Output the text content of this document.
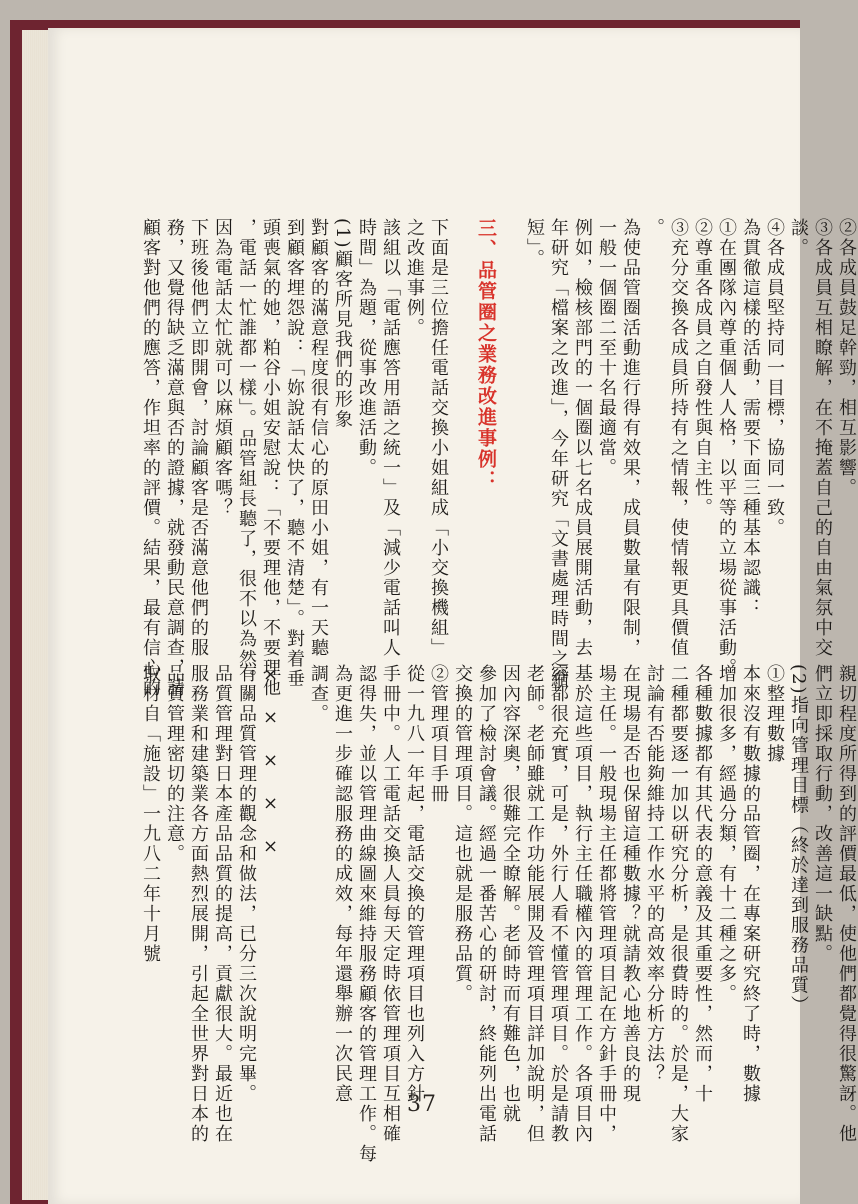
②各成員鼓足幹勁，相互影響。
③各成員互相瞭解，在不掩蓋自己的自由氣氛中交
談。
④各成員堅持同一目標，協同一致。
為貫徹這樣的活動，需要下面三種基本認識：
①在團隊內尊重個人人格，以平等的立場從事活動。
②尊重各成員之自發性與自主性。
③充分交換各成員所持有之情報，使情報更具價值
。
為使品管圈活動進行得有效果，成員數量有限制，
一般一個圈二至十名最適當。
例如，檢核部門的一個圈以七名成員展開活動，去
年研究「檔案之改進」，今年研究「文書處理時間之縮
短」。
三、品管圈之業務改進事例：
下面是三位擔任電話交換小姐組成「小交換機組」
之改進事例。
該組以「電話應答用語之統一」及「減少電話叫人
時間」為題，從事改進活動。
(1)顧客所見我們的形象
對顧客的滿意程度很有信心的原田小姐，有一天聽
到顧客埋怨說：「妳說話太快了，聽不清楚」。對着垂
頭喪氣的她，粕谷小姐安慰說：「不要理他，不要理他
，電話一忙誰都一樣」。品管組長聽了，很不以為然。
因為電話太忙就可以麻煩顧客嗎？
下班後他們立即開會，討論顧客是否滿意他們的服
務，又覺得缺乏滿意與否的證據，就發動民意調查，請
顧客對他們的應答，作坦率的評價。結果，最有信心的
親切程度所得到的評價最低，使他們都覺得很驚訝。他
們立即採取行動，改善這一缺點。
(2)指向管理目標（終於達到服務品質）
①整理數據
本來沒有數據的品管圈，在專案研究終了時，數據
增加很多，經過分類，有十二種之多。
各種數據都有其代表的意義及其重要性，然而，十
二種都要逐一加以研究分析，是很費時的。於是，大家
討論有否能夠維持工作水平的高效率分析方法？
在現場是否也保留這種數據？就請教心地善良的現
場主任。一般現場主任都將管理項目記在方針手冊中，
基於這些項目，執行主任職權內的管理工作。各項目內
容都很充實，可是，外行人看不懂管理項目。於是請教
老師。老師雖就工作功能展開及管理項目詳加說明，但
因內容深奧，很難完全瞭解。老師時而有難色，也就
參加了檢討會議。經過一番苦心的研討，終能列出電話
交換的管理項目。這也就是服務品質。
②管理項目手冊
從一九八一年起，電話交換的管理項目也列入方針
手冊中。人工電話交換人員每天定時依管理項目互相確
認得失，並以管理曲線圖來維持服務顧客的管理工作。每
為更進一步確認服務的成效，每年還舉辦一次民意
調查。
×　×　×　×　×
有關品質管理的觀念和做法，已分三次說明完畢。
品質管理對日本產品品質的提高，貢獻很大。最近也在
服務業和建築業各方面熱烈展開，引起全世界對日本的
品質管理密切的注意。
取材自「施設」一九八二年十月號
37
